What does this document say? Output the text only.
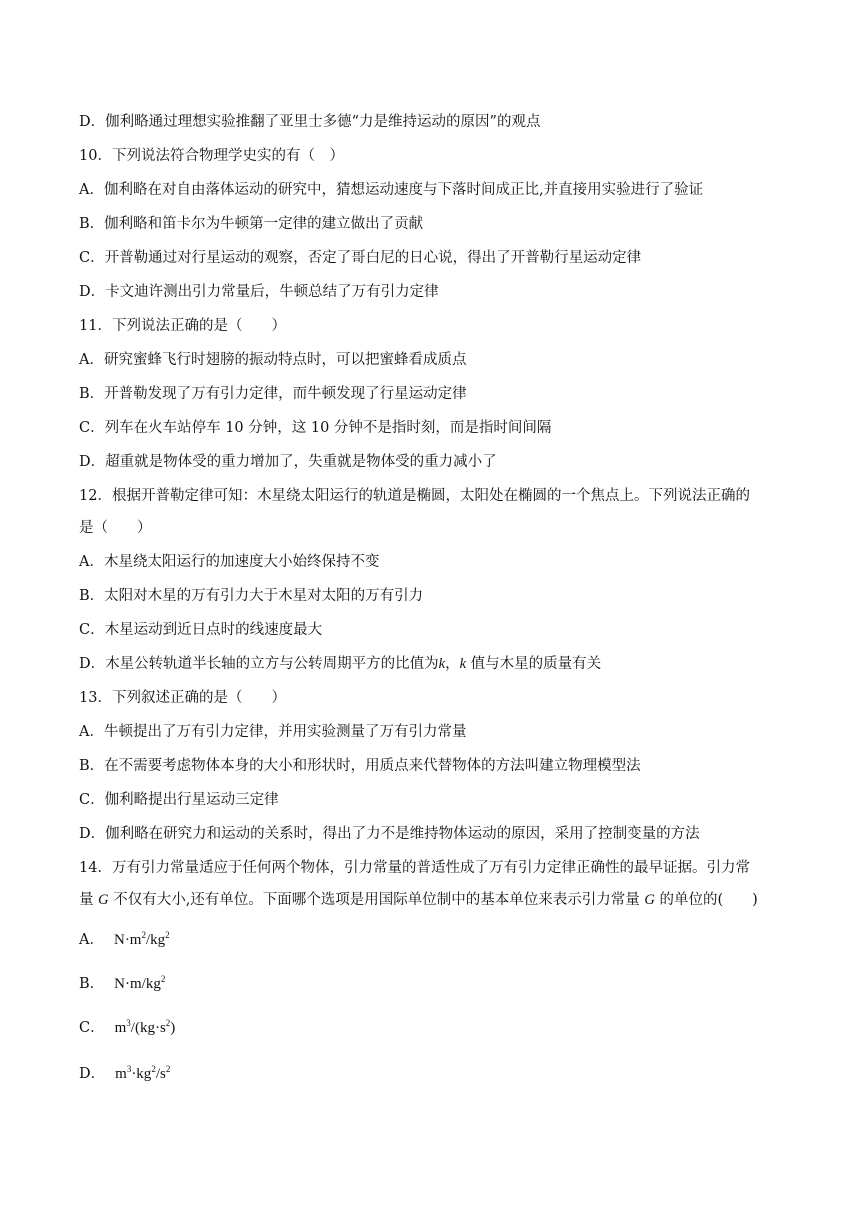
D．伽利略通过理想实验推翻了亚里士多德“力是维持运动的原因”的观点
10．下列说法符合物理学史实的有（　）
A．伽利略在对自由落体运动的研究中，猜想运动速度与下落时间成正比,并直接用实验进行了验证
B．伽利略和笛卡尔为牛顿第一定律的建立做出了贡献
C．开普勒通过对行星运动的观察，否定了哥白尼的日心说，得出了开普勒行星运动定律
D．卡文迪许测出引力常量后，牛顿总结了万有引力定律
11．下列说法正确的是（　　）
A．研究蜜蜂飞行时翅膀的振动特点时，可以把蜜蜂看成质点
B．开普勒发现了万有引力定律，而牛顿发现了行星运动定律
C．列车在火车站停车 10 分钟，这 10 分钟不是指时刻，而是指时间间隔
D．超重就是物体受的重力增加了，失重就是物体受的重力减小了
12．根据开普勒定律可知：木星绕太阳运行的轨道是椭圆，太阳处在椭圆的一个焦点上。下列说法正确的
是（　　）
A．木星绕太阳运行的加速度大小始终保持不变
B．太阳对木星的万有引力大于木星对太阳的万有引力
C．木星运动到近日点时的线速度最大
D．木星公转轨道半长轴的立方与公转周期平方的比值为k，k 值与木星的质量有关
13．下列叙述正确的是（　　）
A．牛顿提出了万有引力定律，并用实验测量了万有引力常量
B．在不需要考虑物体本身的大小和形状时，用质点来代替物体的方法叫建立物理模型法
C．伽利略提出行星运动三定律
D．伽利略在研究力和运动的关系时，得出了力不是维持物体运动的原因，采用了控制变量的方法
14．万有引力常量适应于任何两个物体，引力常量的普适性成了万有引力定律正确性的最早证据。引力常
量 G 不仅有大小,还有单位。下面哪个选项是用国际单位制中的基本单位来表示引力常量 G 的单位的(　　)
A． $N\cdot m^2/kg^2$
B． $N\cdot m/kg^2$
C． $m^3/(kg\cdot s^2)$
D． $m^3\cdot kg^2/s^2$
